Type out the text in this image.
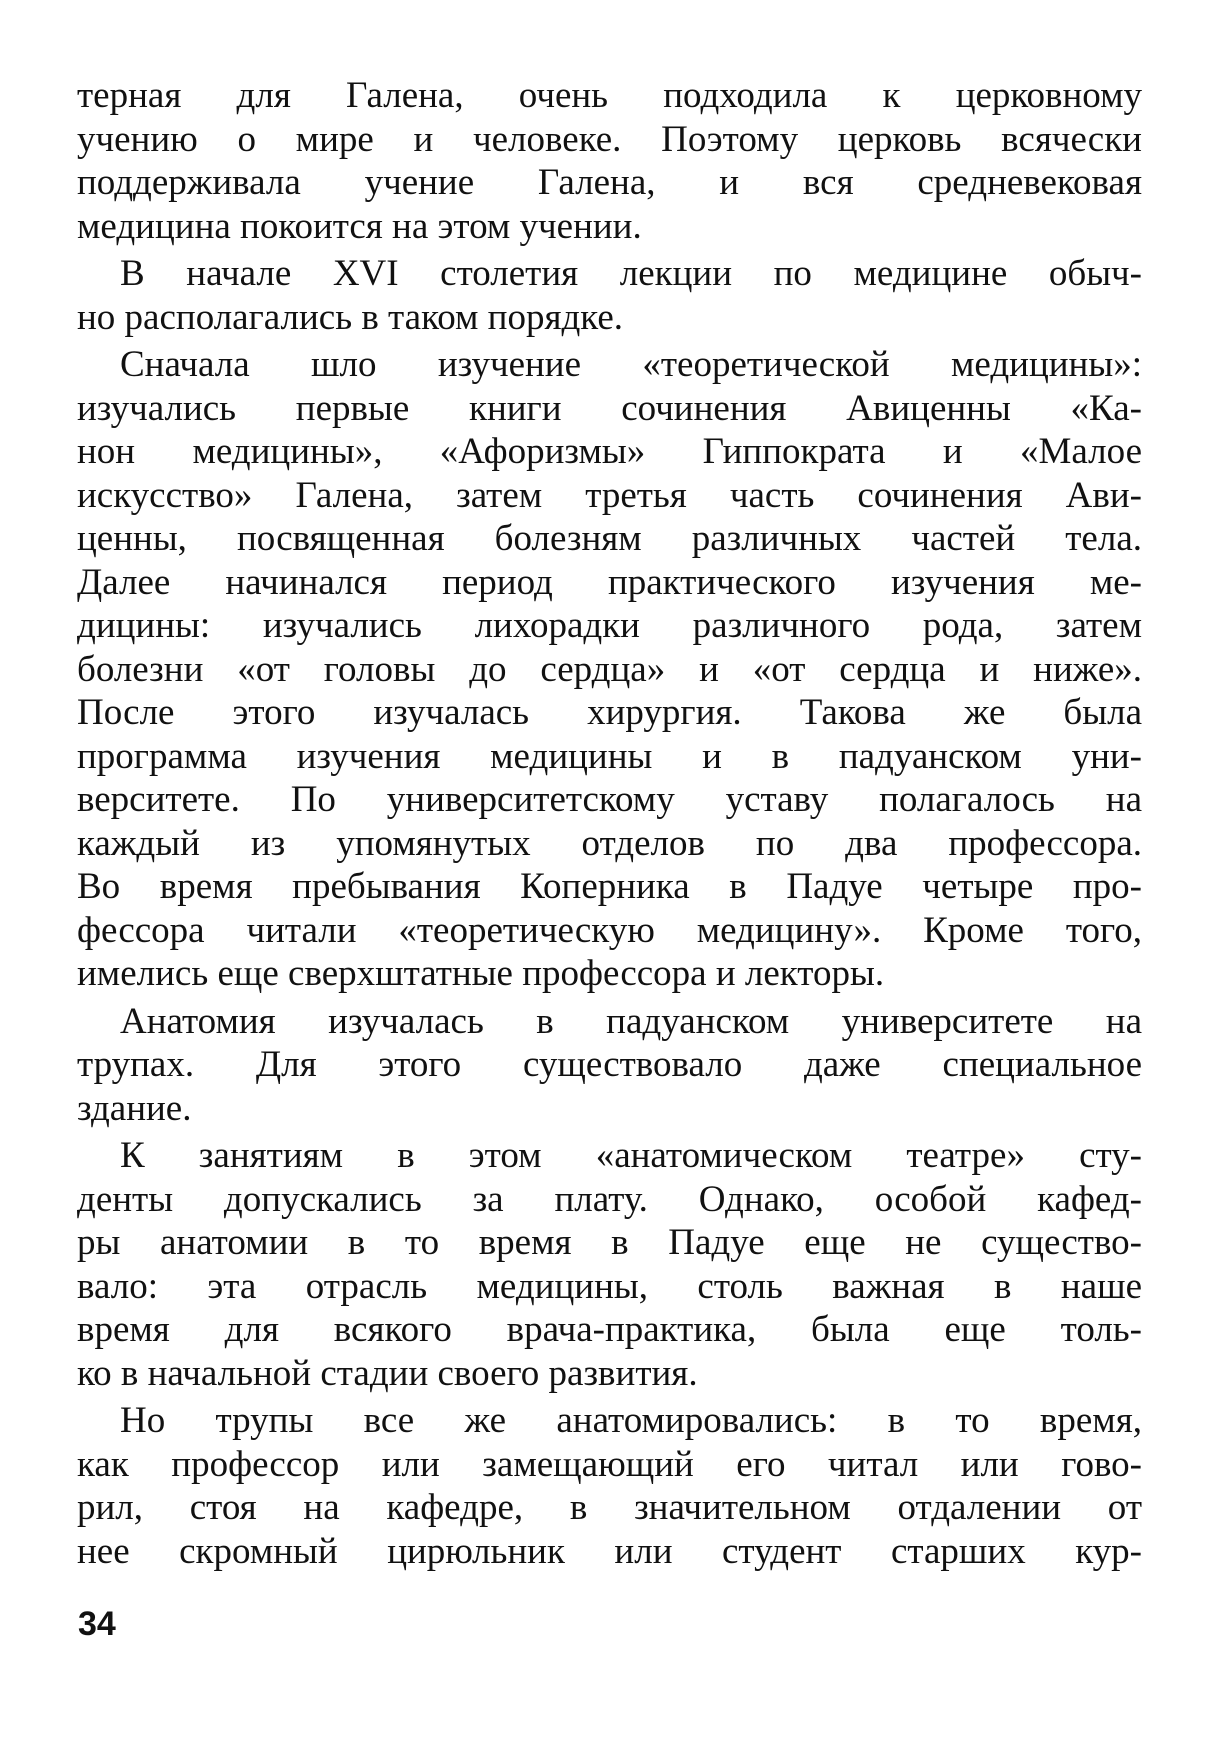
терная для Галена, очень подходила к церковному
учению о мире и человеке. Поэтому церковь всячески
поддерживала учение Галена, и вся средневековая
медицина покоится на этом учении.
В начале XVI столетия лекции по медицине обыч-
но располагались в таком порядке.
Сначала шло изучение «теоретической медицины»:
изучались первые книги сочинения Авиценны «Ка-
нон медицины», «Афоризмы» Гиппократа и «Малое
искусство» Галена, затем третья часть сочинения Ави-
ценны, посвященная болезням различных частей тела.
Далее начинался период практического изучения ме-
дицины: изучались лихорадки различного рода, затем
болезни «от головы до сердца» и «от сердца и ниже».
После этого изучалась хирургия. Такова же была
программа изучения медицины и в падуанском уни-
верситете. По университетскому уставу полагалось на
каждый из упомянутых отделов по два профессора.
Во время пребывания Коперника в Падуе четыре про-
фессора читали «теоретическую медицину». Кроме того,
имелись еще сверхштатные профессора и лекторы.
Анатомия изучалась в падуанском университете на
трупах. Для этого существовало даже специальное
здание.
К занятиям в этом «анатомическом театре» сту-
денты допускались за плату. Однако, особой кафед-
ры анатомии в то время в Падуе еще не существо-
вало: эта отрасль медицины, столь важная в наше
время для всякого врача-практика, была еще толь-
ко в начальной стадии своего развития.
Но трупы все же анатомировались: в то время,
как профессор или замещающий его читал или гово-
рил, стоя на кафедре, в значительном отдалении от
нее скромный цирюльник или студент старших кур-
34
